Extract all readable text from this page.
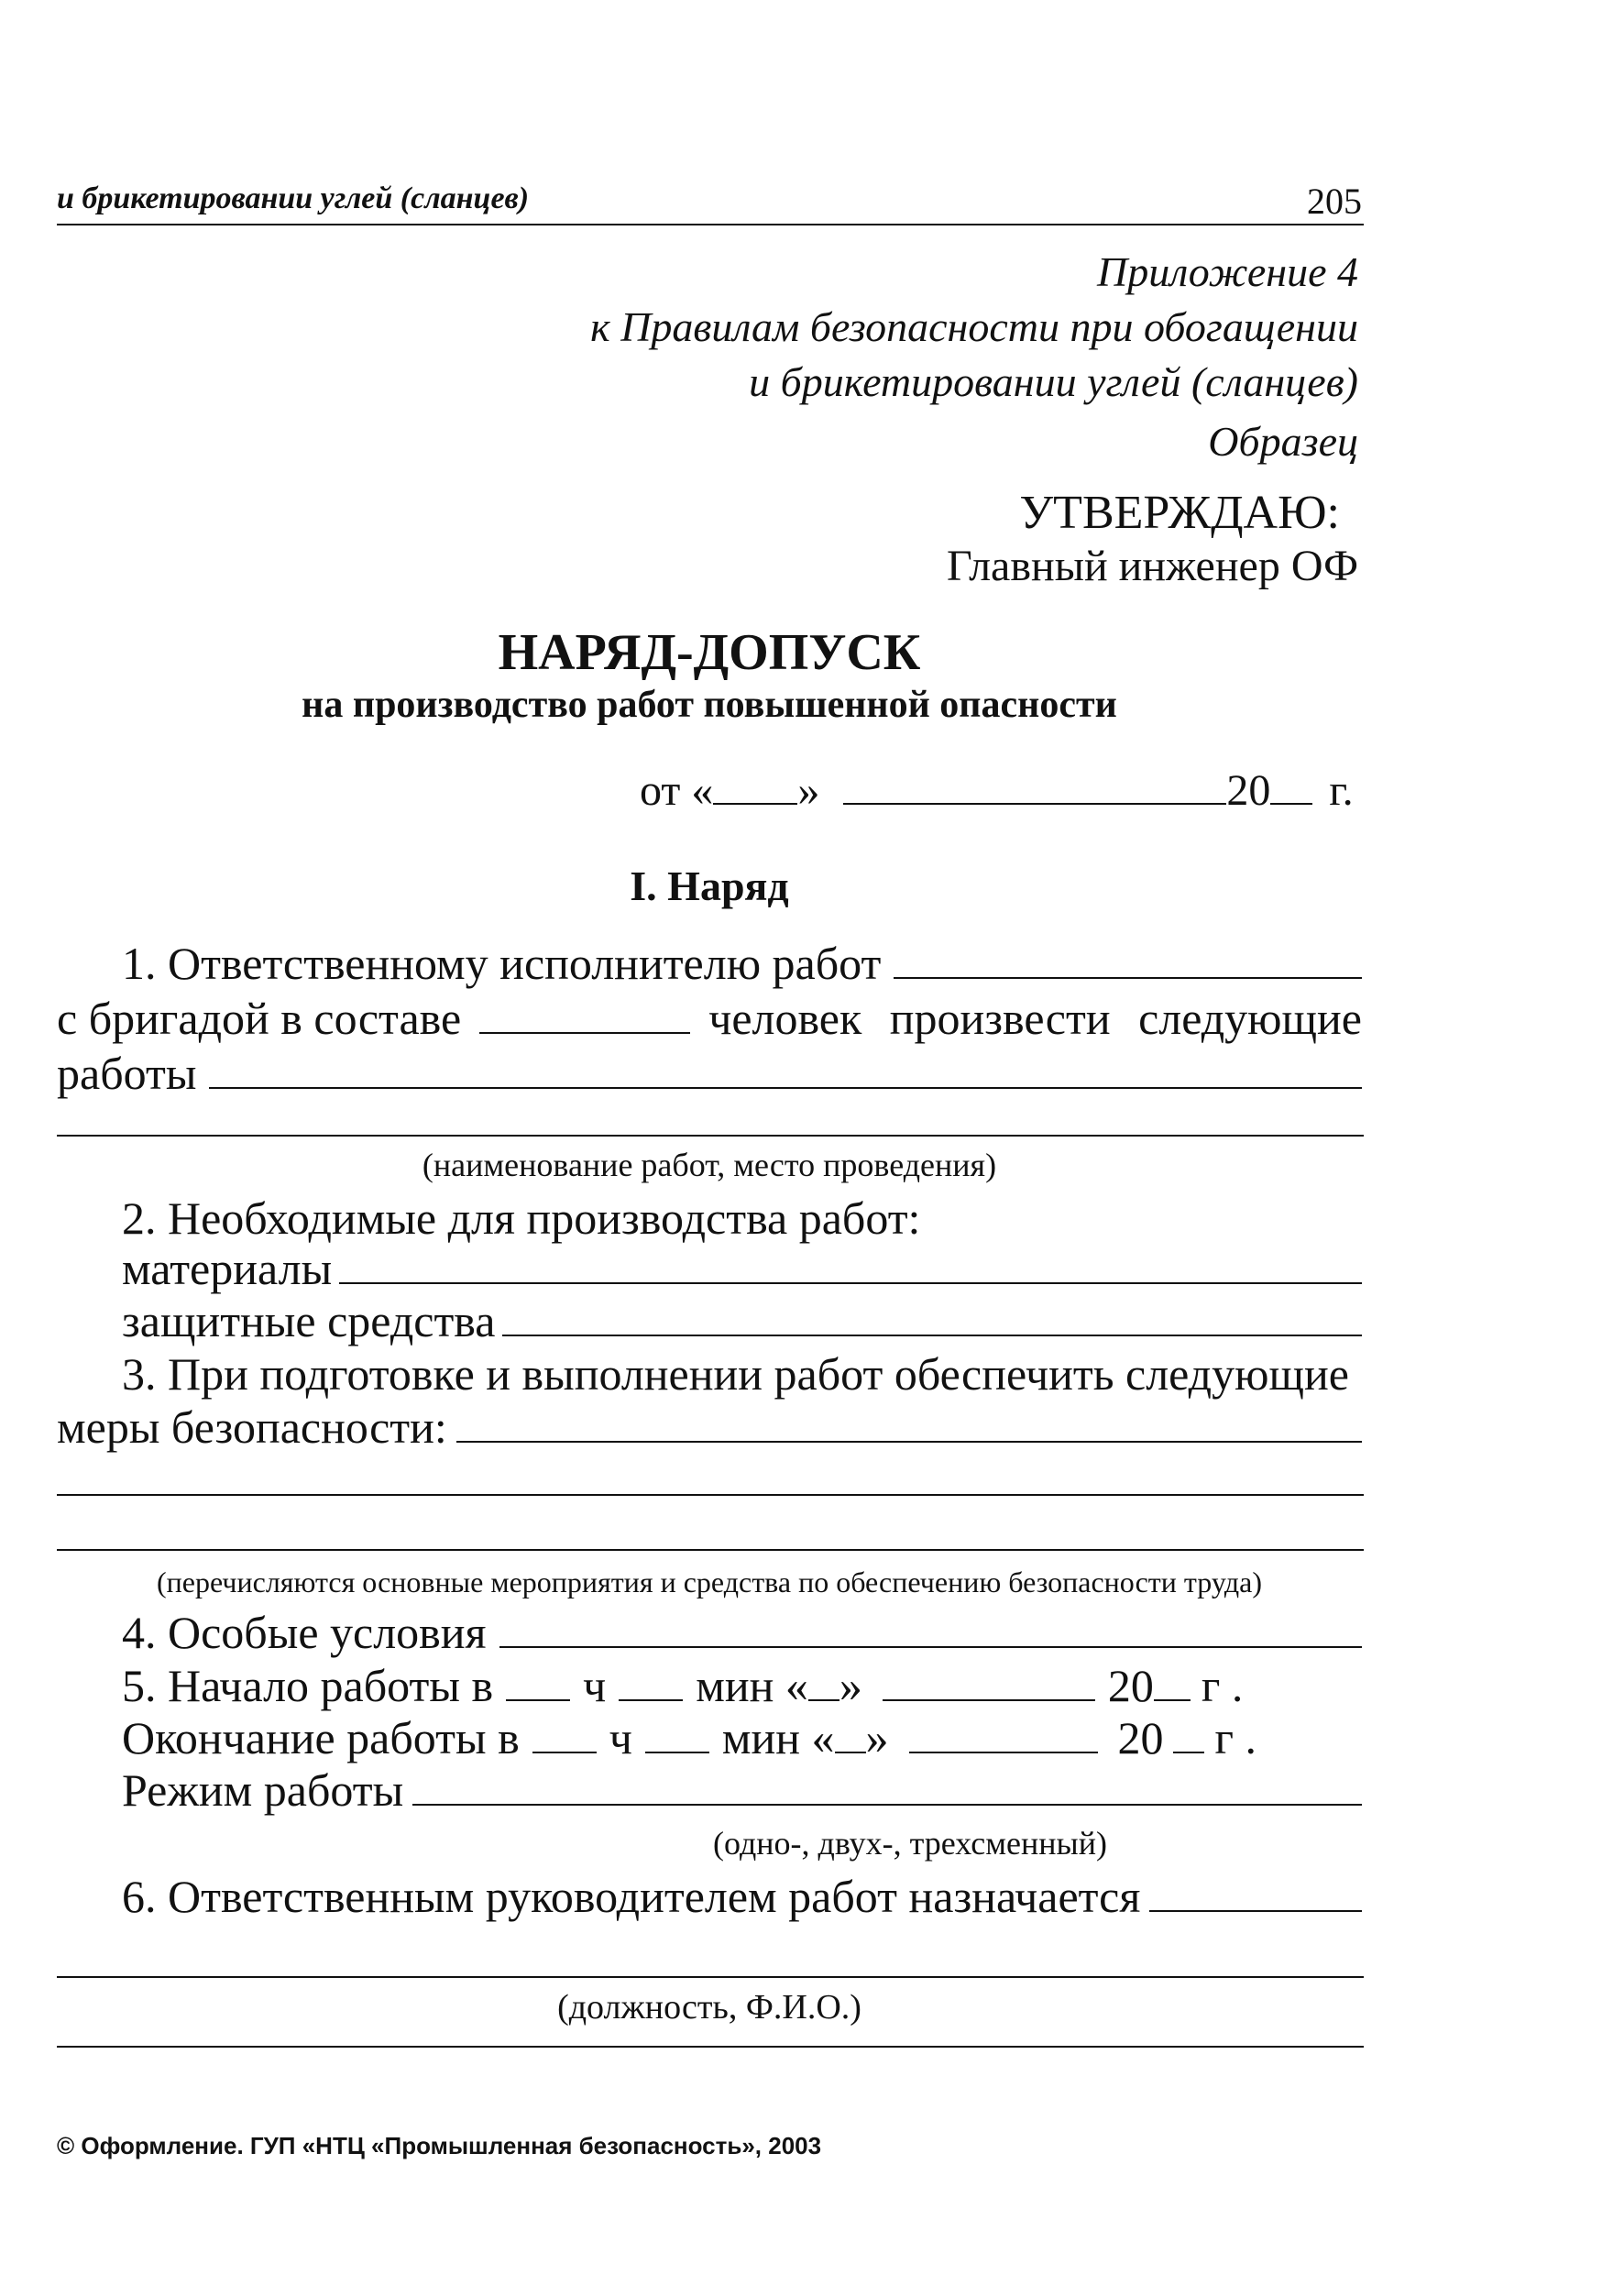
и брикетировании углей (сланцев)	205
Приложение 4
к Правилам безопасности при обогащении
и брикетировании углей (сланцев)
Образец
УТВЕРЖДАЮ:
Главный инженер ОФ
НАРЯД-ДОПУСК
на производство работ повышенной опасности
от « »	20 г.
I. Наряд
1. Ответственному исполнителю работ
с бригадой в составе	человек произвести следующие
работы
(наименование работ, место проведения)
2. Необходимые для производства работ:
материалы
защитные средства
3. При подготовке и выполнении работ обеспечить следующие
меры безопасности:
(перечисляются основные мероприятия и средства по обеспечению безопасности труда)
4. Особые условия
5. Начало работы в ч мин « »	20 г .
Окончание работы в ч мин « »	20 г .
Режим работы
(одно-, двух-, трехсменный)
6. Ответственным руководителем работ назначается
(должность, Ф.И.О.)
© Оформление. ГУП «НТЦ «Промышленная безопасность», 2003
